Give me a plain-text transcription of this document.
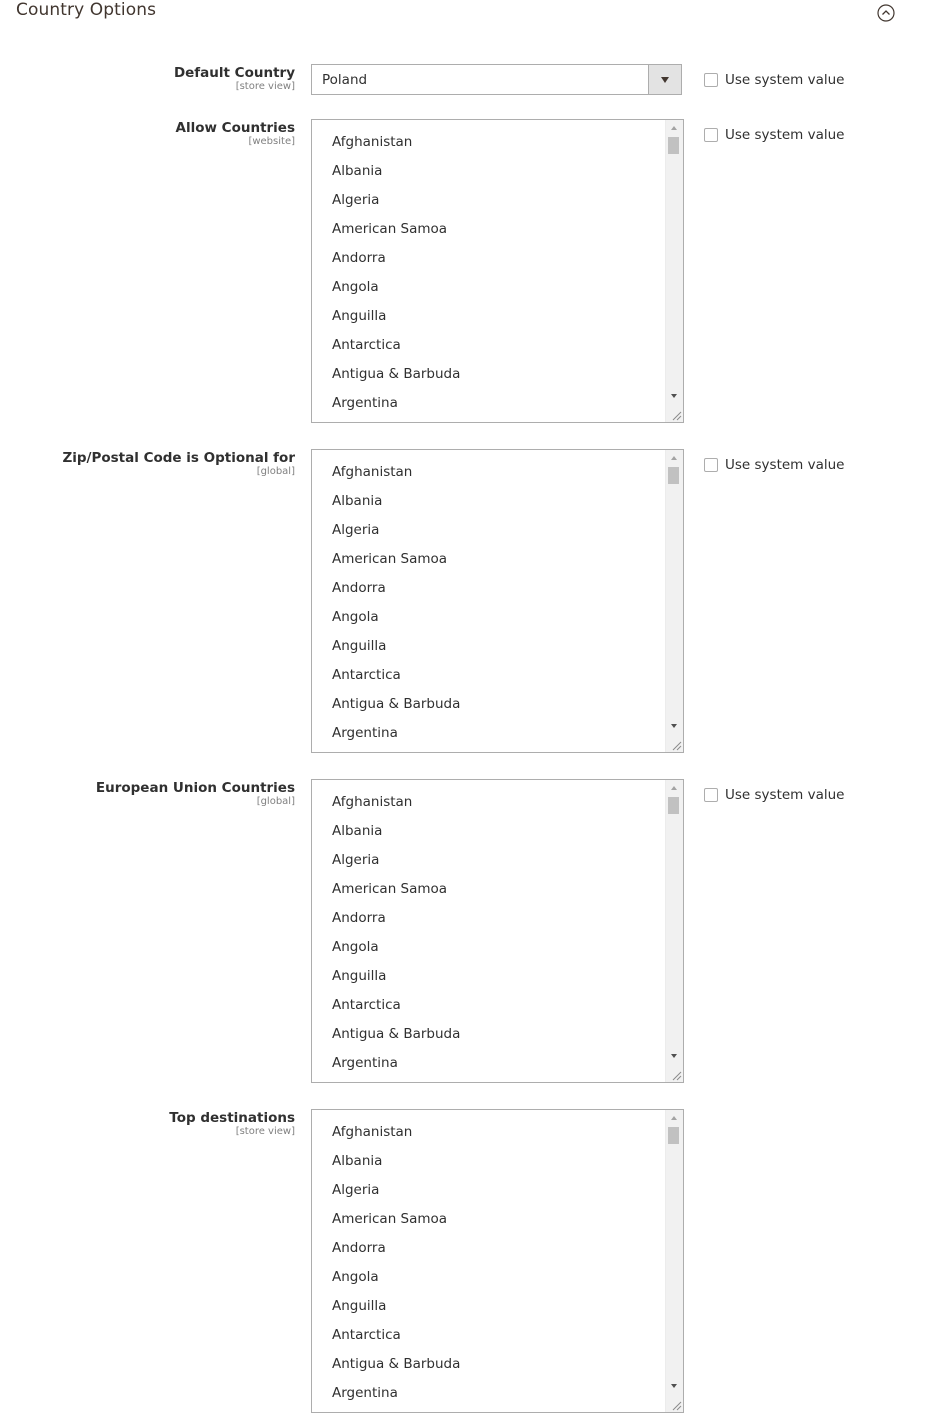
Country Options
Default Country
[store view] Poland	Use system value
Allow Countries
[website]	Afghanistan
Albania
Algeria
American Samoa
Andorra
Angola
Anguilla
Antarctica
Antigua & Barbuda
Argentina
Use system value
Zip/Postal Code is Optional for
[global]	Afghanistan
Albania
Algeria
American Samoa
Andorra
Angola
Anguilla
Antarctica
Antigua & Barbuda
Argentina
Use system value
European Union Countries
[global]	Afghanistan
Albania
Algeria
American Samoa
Andorra
Angola
Anguilla
Antarctica
Antigua & Barbuda
Argentina
Use system value
Top destinations
[store view]	Afghanistan
Albania
Algeria
American Samoa
Andorra
Angola
Anguilla
Antarctica
Antigua & Barbuda
Argentina
